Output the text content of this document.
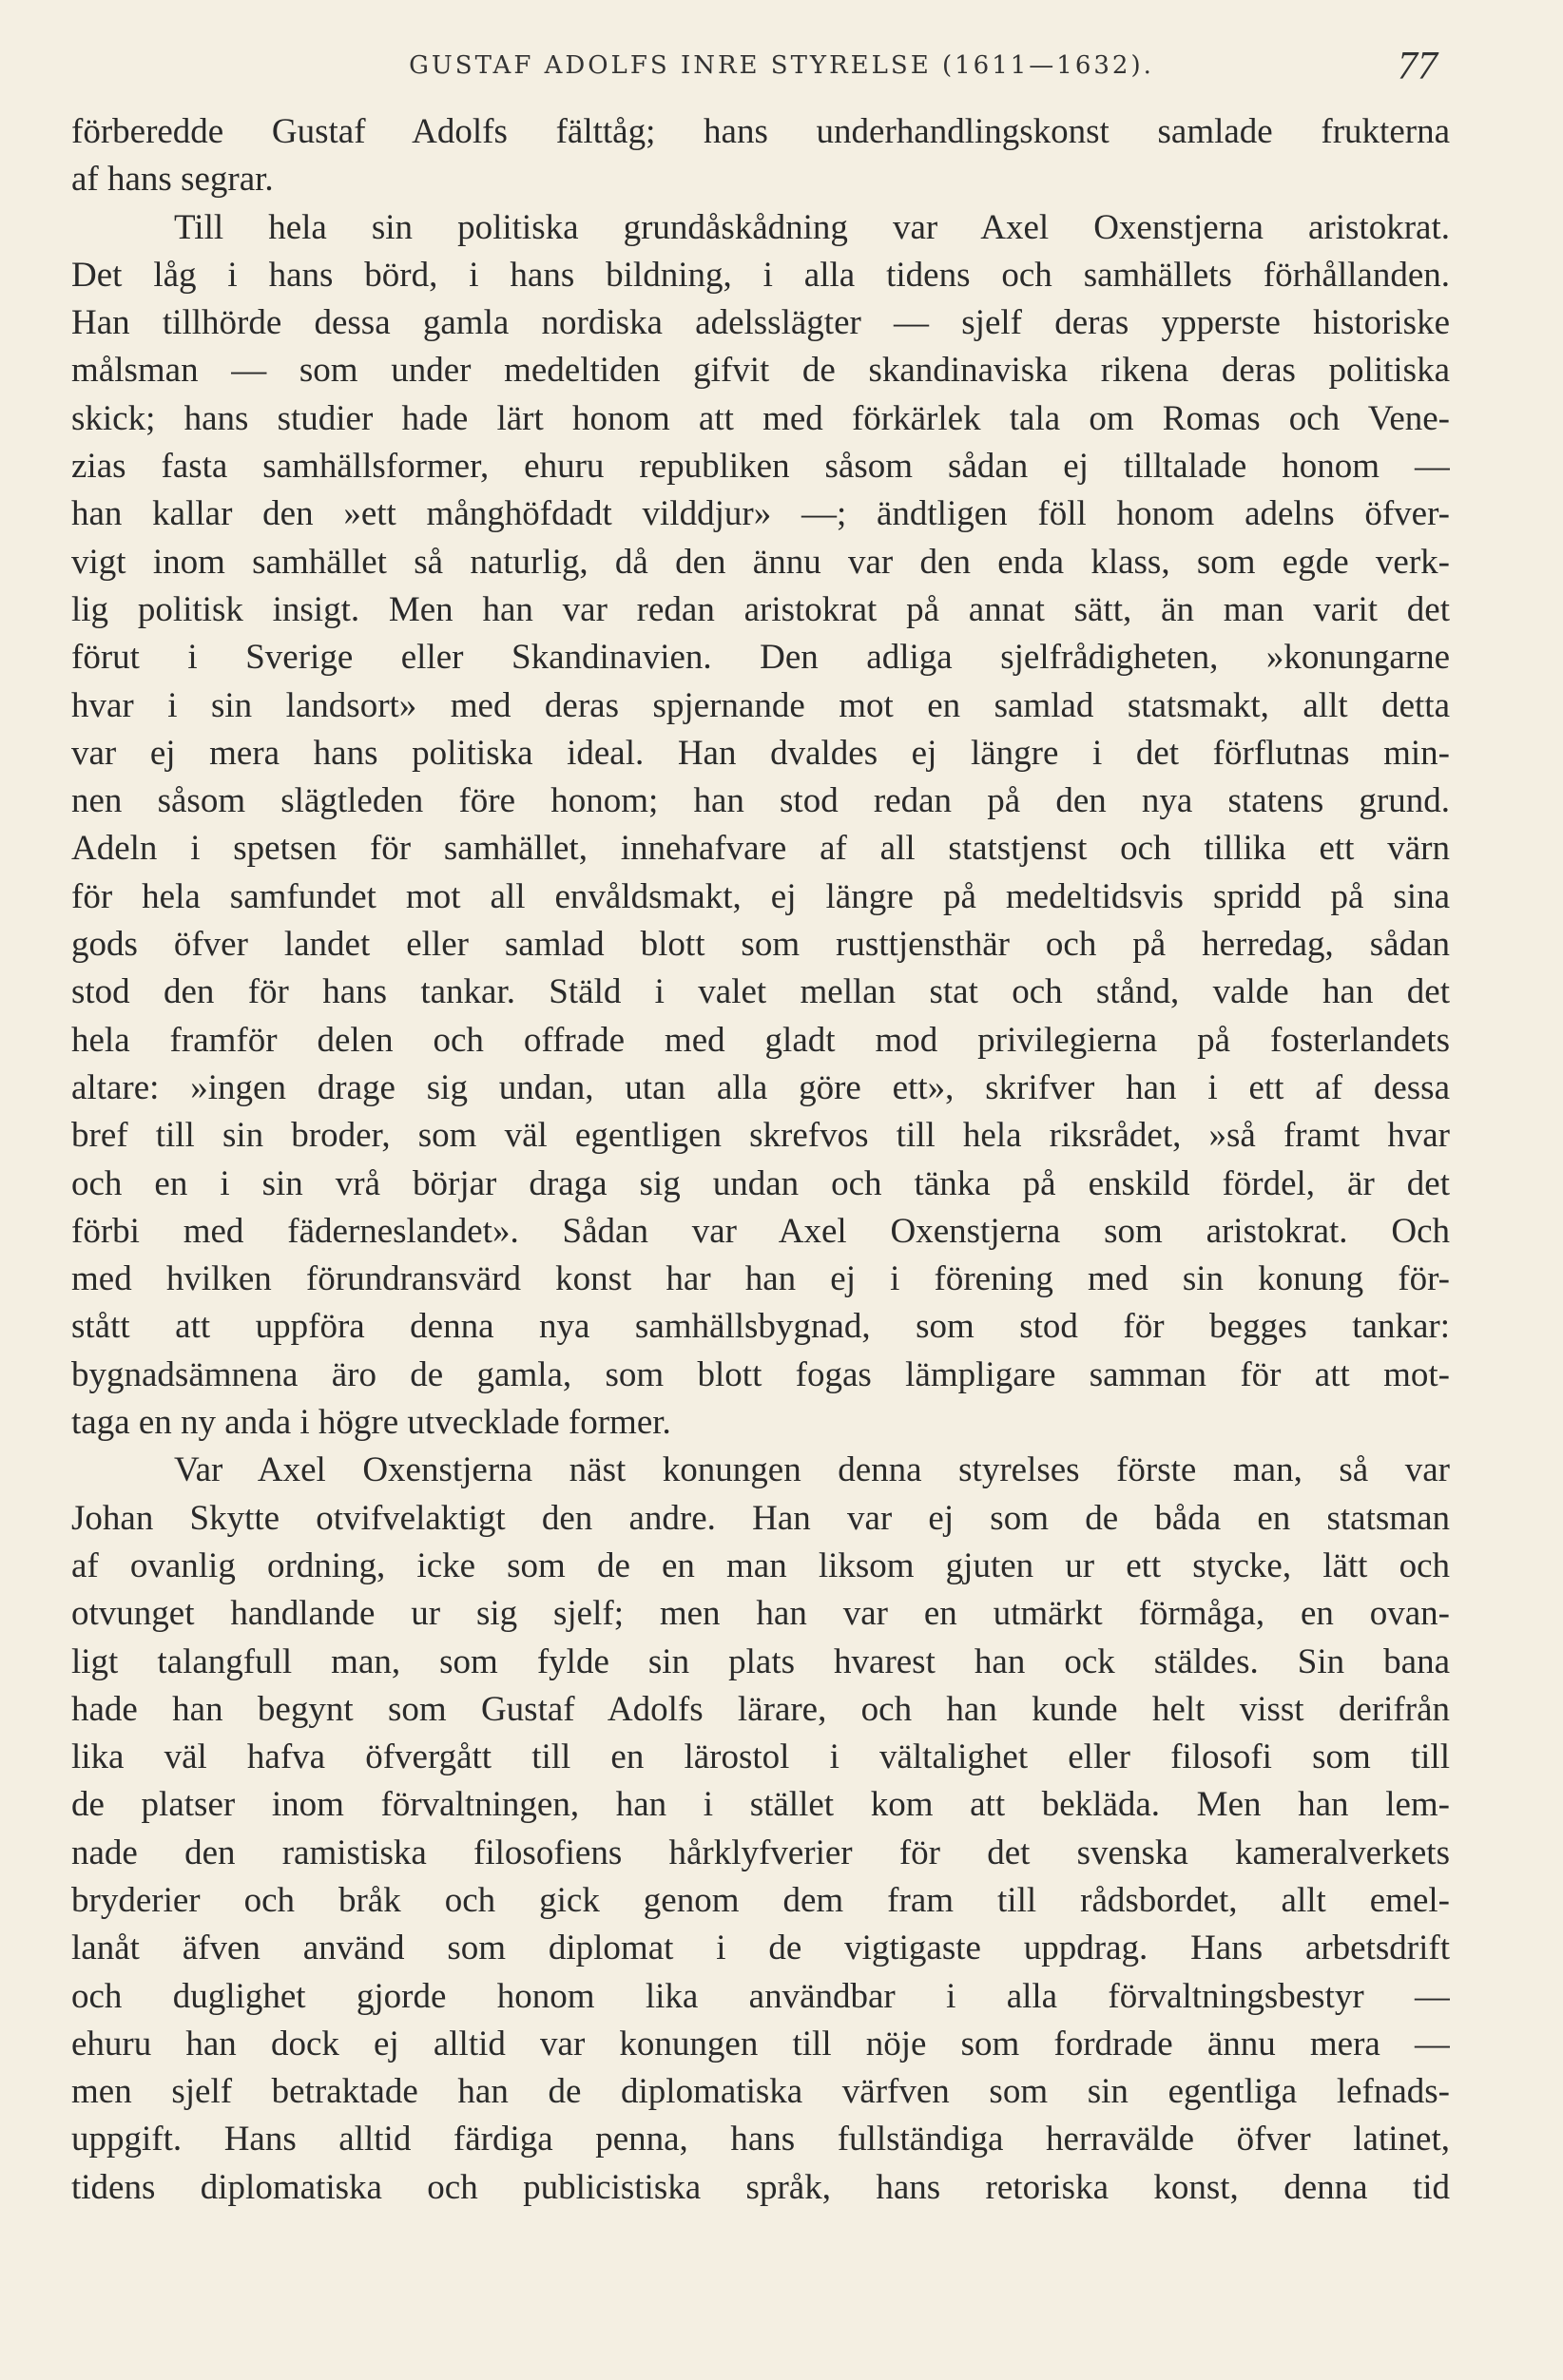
GUSTAF ADOLFS INRE STYRELSE (1611—1632).	77
förberedde Gustaf Adolfs fälttåg; hans underhandlingskonst samlade frukterna
af hans segrar.
Till hela sin politiska grundåskådning var Axel Oxenstjerna aristokrat.
Det låg i hans börd, i hans bildning, i alla tidens och samhällets förhållanden.
Han tillhörde dessa gamla nordiska adelsslägter — sjelf deras ypperste historiske
målsman — som under medeltiden gifvit de skandinaviska rikena deras politiska
skick; hans studier hade lärt honom att med förkärlek tala om Romas och Vene-
zias fasta samhällsformer, ehuru republiken såsom sådan ej tilltalade honom —
han kallar den »ett månghöfdadt vilddjur» —; ändtligen föll honom adelns öfver-
vigt inom samhället så naturlig, då den ännu var den enda klass, som egde verk-
lig politisk insigt. Men han var redan aristokrat på annat sätt, än man varit det
förut i Sverige eller Skandinavien. Den adliga sjelfrådigheten, »konungarne
hvar i sin landsort» med deras spjernande mot en samlad statsmakt, allt detta
var ej mera hans politiska ideal. Han dvaldes ej längre i det förflutnas min-
nen såsom slägtleden före honom; han stod redan på den nya statens grund.
Adeln i spetsen för samhället, innehafvare af all statstjenst och tillika ett värn
för hela samfundet mot all envåldsmakt, ej längre på medeltidsvis spridd på sina
gods öfver landet eller samlad blott som rusttjensthär och på herredag, sådan
stod den för hans tankar. Stäld i valet mellan stat och stånd, valde han det
hela framför delen och offrade med gladt mod privilegierna på fosterlandets
altare: »ingen drage sig undan, utan alla göre ett», skrifver han i ett af dessa
bref till sin broder, som väl egentligen skrefvos till hela riksrådet, »så framt hvar
och en i sin vrå börjar draga sig undan och tänka på enskild fördel, är det
förbi med fäderneslandet». Sådan var Axel Oxenstjerna som aristokrat. Och
med hvilken förundransvärd konst har han ej i förening med sin konung för-
stått att uppföra denna nya samhällsbygnad, som stod för begges tankar:
bygnadsämnena äro de gamla, som blott fogas lämpligare samman för att mot-
taga en ny anda i högre utvecklade former.
Var Axel Oxenstjerna näst konungen denna styrelses förste man, så var
Johan Skytte otvifvelaktigt den andre. Han var ej som de båda en statsman
af ovanlig ordning, icke som de en man liksom gjuten ur ett stycke, lätt och
otvunget handlande ur sig sjelf; men han var en utmärkt förmåga, en ovan-
ligt talangfull man, som fylde sin plats hvarest han ock stäldes. Sin bana
hade han begynt som Gustaf Adolfs lärare, och han kunde helt visst derifrån
lika väl hafva öfvergått till en lärostol i vältalighet eller filosofi som till
de platser inom förvaltningen, han i stället kom att bekläda. Men han lem-
nade den ramistiska filosofiens hårklyfverier för det svenska kameralverkets
bryderier och bråk och gick genom dem fram till rådsbordet, allt emel-
lanåt äfven använd som diplomat i de vigtigaste uppdrag. Hans arbetsdrift
och duglighet gjorde honom lika användbar i alla förvaltningsbestyr —
ehuru han dock ej alltid var konungen till nöje som fordrade ännu mera —
men sjelf betraktade han de diplomatiska värfven som sin egentliga lefnads-
uppgift. Hans alltid färdiga penna, hans fullständiga herravälde öfver latinet,
tidens diplomatiska och publicistiska språk, hans retoriska konst, denna tid
